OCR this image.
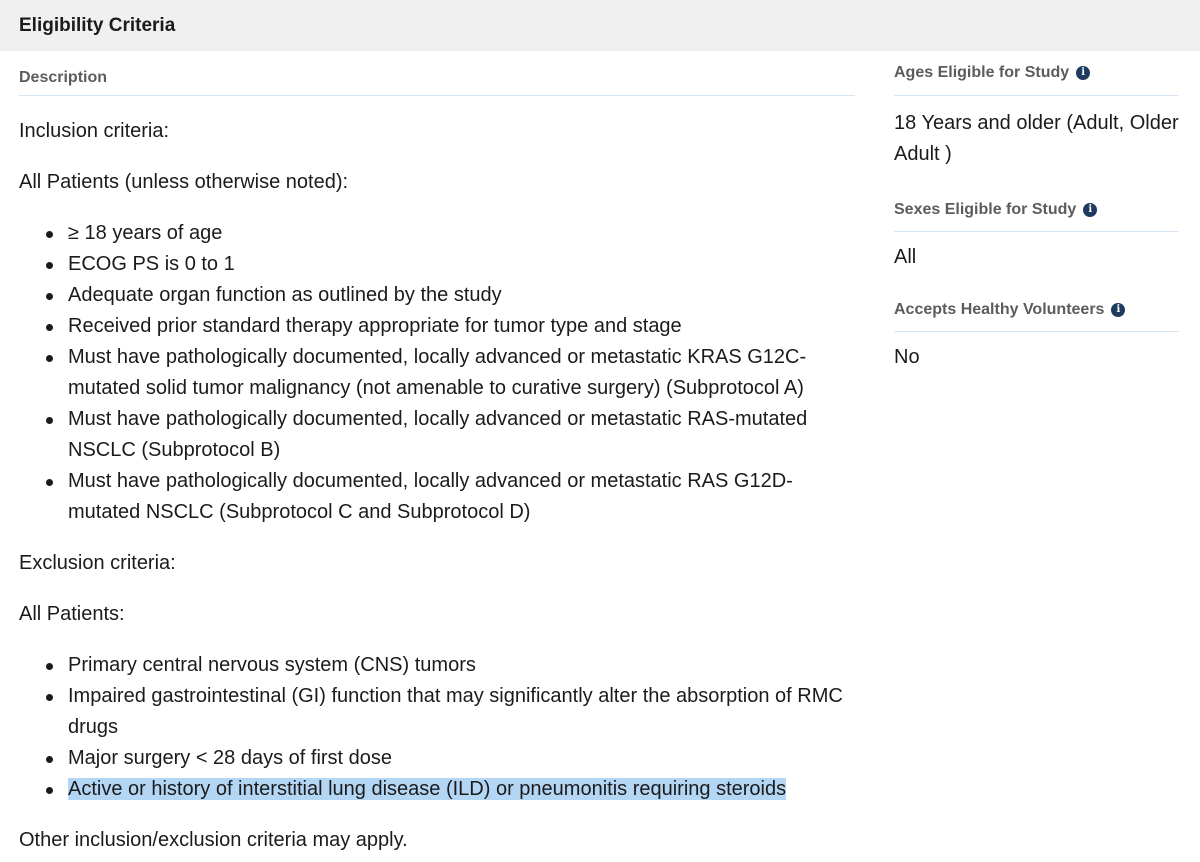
Eligibility Criteria
Description

Inclusion criteria:

All Patients (unless otherwise noted):

≥ 18 years of age
ECOG PS is 0 to 1
Adequate organ function as outlined by the study
Received prior standard therapy appropriate for tumor type and stage
Must have pathologically documented, locally advanced or metastatic KRAS G12C-mutated solid tumor malignancy (not amenable to curative surgery) (Subprotocol A)
Must have pathologically documented, locally advanced or metastatic RAS-mutated NSCLC (Subprotocol B)
Must have pathologically documented, locally advanced or metastatic RAS G12D-mutated NSCLC (Subprotocol C and Subprotocol D)

Exclusion criteria:

All Patients:

Primary central nervous system (CNS) tumors
Impaired gastrointestinal (GI) function that may significantly alter the absorption of RMC drugs
Major surgery < 28 days of first dose
Active or history of interstitial lung disease (ILD) or pneumonitis requiring steroids

Other inclusion/exclusion criteria may apply.

Ages Eligible for Study	i
18 Years and older (Adult, Older Adult )
Sexes Eligible for Study	i
All
Accepts Healthy Volunteers	i
No
